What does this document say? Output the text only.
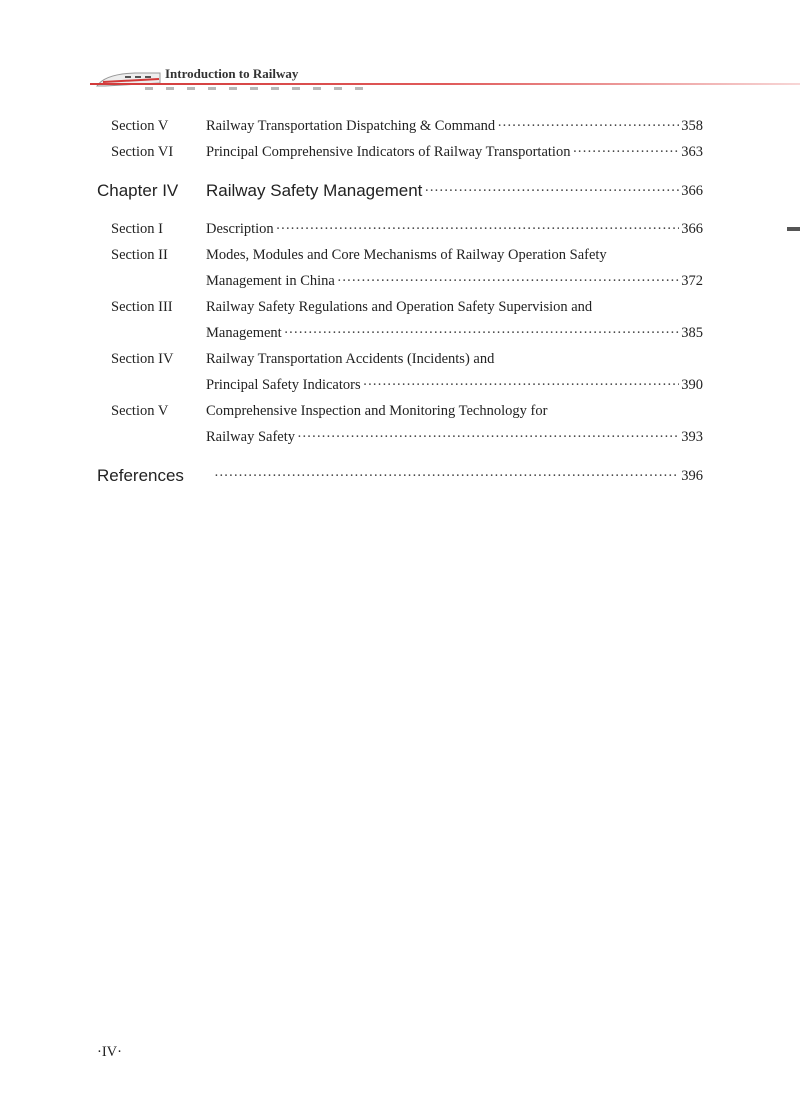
Introduction to Railway
Section V	Railway Transportation Dispatching & Command ·····	358
Section VI Principal Comprehensive Indicators of Railway Transportation ·····	363
Chapter IV Railway Safety Management ·····	366
Section I	Description ·····	366
Section II	Modes, Modules and Core Mechanisms of Railway Operation Safety
Management in China ·····	372
Section III Railway Safety Regulations and Operation Safety Supervision and
Management ·····	385
Section IV Railway Transportation Accidents (Incidents) and
Principal Safety Indicators ·····	390
Section V	Comprehensive Inspection and Monitoring Technology for
Railway Safety ·····	393
References ·····	396
·IV·
